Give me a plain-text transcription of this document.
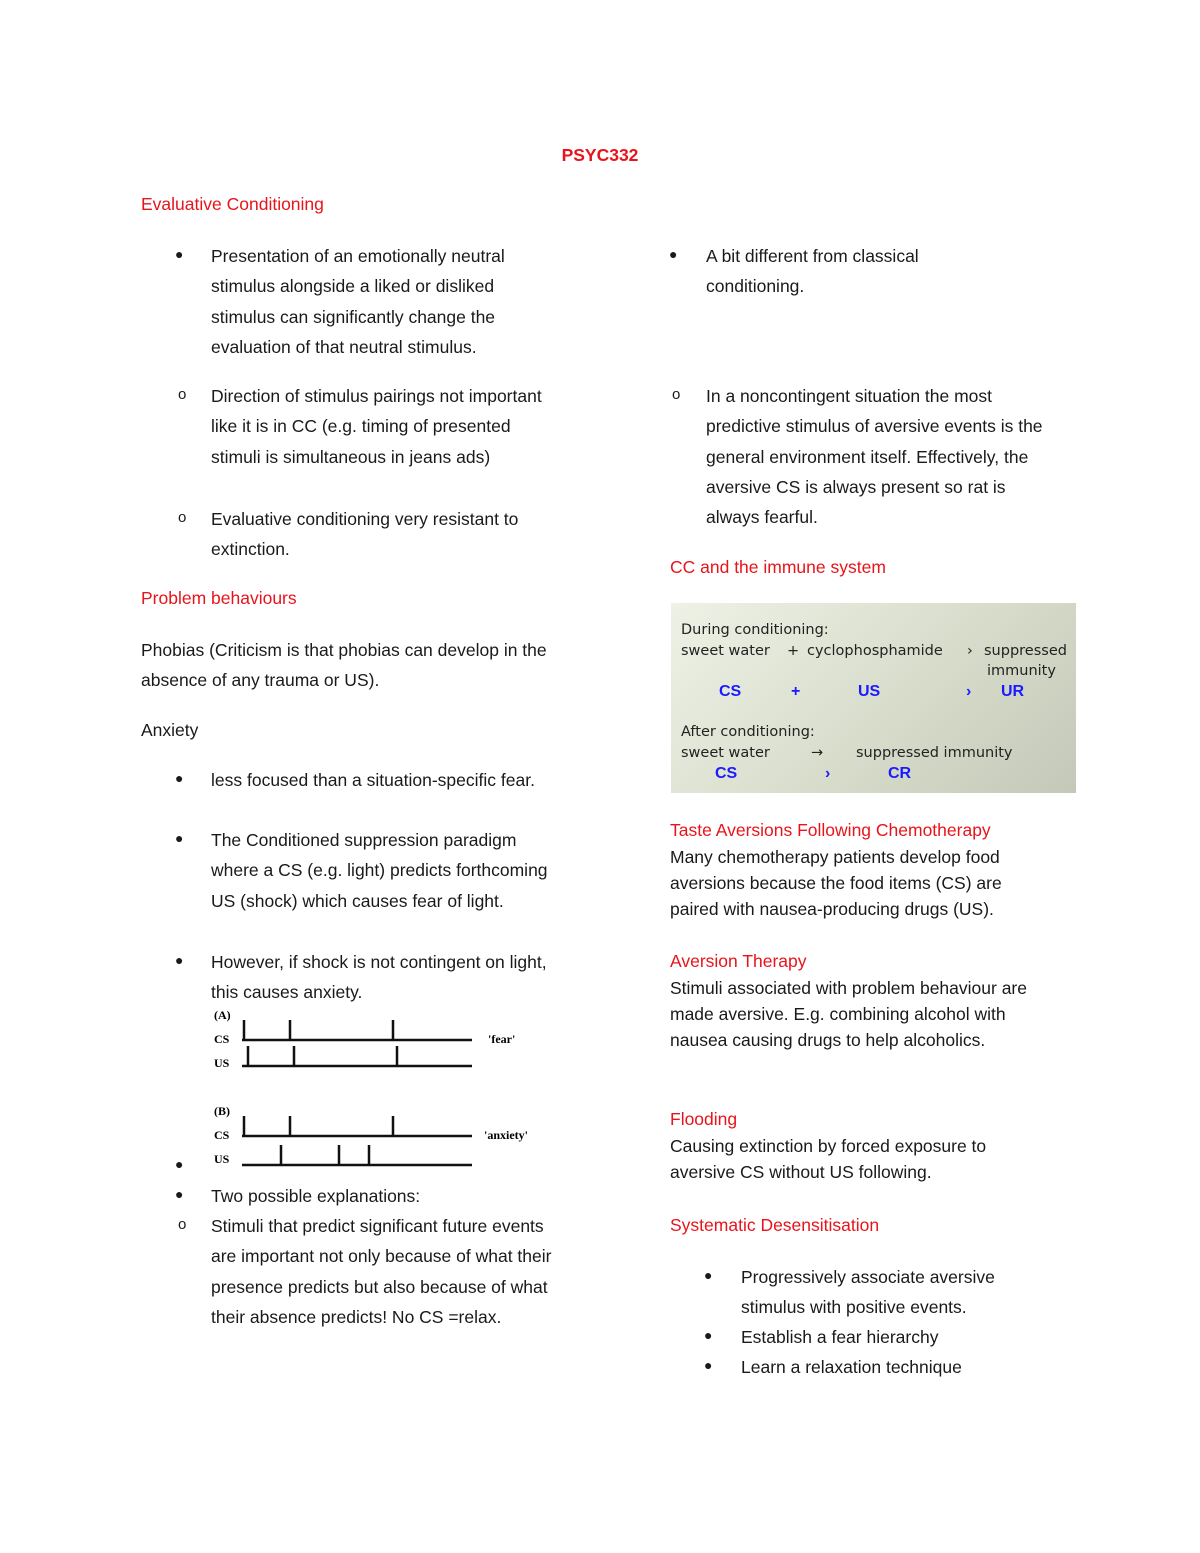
PSYC332
Evaluative Conditioning
● Presentation of an emotionally neutral stimulus alongside a liked or disliked stimulus can significantly change the evaluation of that neutral stimulus.
o Direction of stimulus pairings not important like it is in CC (e.g. timing of presented stimuli is simultaneous in jeans ads)
o Evaluative conditioning very resistant to extinction.
Problem behaviours
Phobias (Criticism is that phobias can develop in the absence of any trauma or US).
Anxiety
● less focused than a situation-specific fear.
● The Conditioned suppression paradigm where a CS (e.g. light) predicts forthcoming US (shock) which causes fear of light.
● However, if shock is not contingent on light, this causes anxiety.
(A)
CS
US
'fear'
(B)
CS
US
'anxiety'
●
● Two possible explanations:
o Stimuli that predict significant future events are important not only because of what their presence predicts but also because of what their absence predicts! No CS =relax.
● A bit different from classical conditioning.
o In a noncontingent situation the most predictive stimulus of aversive events is the general environment itself. Effectively, the aversive CS is always present so rat is always fearful.
CC and the immune system
During conditioning:
sweet water + cyclophosphamide › suppressed
immunity
CS	+	US	› UR
After conditioning:
sweet water	→ suppressed immunity
CS	›	CR
Taste Aversions Following Chemotherapy
Many chemotherapy patients develop food aversions because the food items (CS) are paired with nausea-producing drugs (US).
Aversion Therapy
Stimuli associated with problem behaviour are made aversive. E.g. combining alcohol with nausea causing drugs to help alcoholics.
Flooding
Causing extinction by forced exposure to aversive CS without US following.
Systematic Desensitisation
● Progressively associate aversive stimulus with positive events.
● Establish a fear hierarchy
● Learn a relaxation technique
